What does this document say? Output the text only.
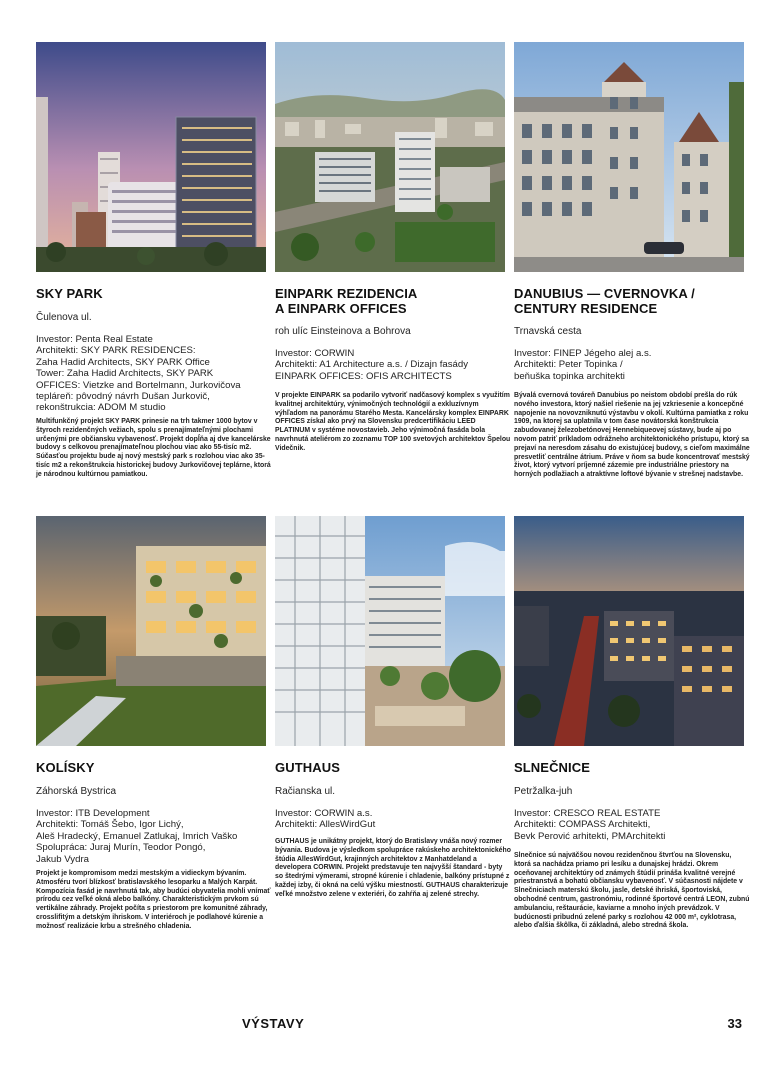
SKY PARK
Čulenova ul.
Investor: Penta Real Estate
Architekti: SKY PARK RESIDENCES:
Zaha Hadid Architects, SKY PARK Office
Tower: Zaha Hadid Architects, SKY PARK
OFFICES: Vietzke and Bortelmann, Jurkovičova
tepláreň: pôvodný návrh Dušan Jurkovič,
rekonštrukcia: ADOM M studio
Multifunkčný projekt SKY PARK prinesie na trh takmer 1000 bytov v štyroch rezidenčných vežiach, spolu s prenajímateľnými plochami určenými pre občiansku vybavenosť. Projekt dopĺňa aj dve kancelárske budovy s celkovou prenajímateľnou plochou viac ako 55-tisíc m2. Súčasťou projektu bude aj nový mestský park s rozlohou viac ako 35-tisíc m2 a rekonštrukcia historickej budovy Jurkovičovej teplárne, ktorá je národnou kultúrnou pamiatkou.
EINPARK REZIDENCIA
A EINPARK OFFICES
roh ulíc Einsteinova a Bohrova
Investor: CORWIN
Architekti: A1 Architecture a.s. / Dizajn fasády
EINPARK OFFICES: OFIS ARCHITECTS
V projekte EINPARK sa podarilo vytvoriť nadčasový komplex s využitím kvalitnej architektúry, výnimočných technológií a exkluzívnym výhľadom na panorámu Starého Mesta. Kancelársky komplex EINPARK OFFICES získal ako prvý na Slovensku predcertifikáciu LEED PLATINUM v systéme novostavieb. Jeho výnimočná fasáda bola navrhnutá ateliérom zo zoznamu TOP 100 svetových architektov Špelou Videčnik.
DANUBIUS — CVERNOVKA /
CENTURY RESIDENCE
Trnavská cesta
Investor: FINEP Jégeho alej a.s.
Architekti: Peter Topinka /
beňuška topinka architekti
Bývalá cvernová továreň Danubius po neistom období prešla do rúk nového investora, ktorý našiel riešenie na jej vzkriesenie a koncepčné napojenie na novovzniknutú výstavbu v okolí. Kultúrna pamiatka z roku 1909, na ktorej sa uplatnila v tom čase novátorská konštrukcia zabudovanej železobetónovej Hennebiqueovej sústavy, bude aj po novom patriť príkladom odrážneho architektonického prístupu, ktorý sa prejaví na neresdom zásahu do existujúcej budovy, s cieľom maximálne presvetliť centrálne átrium. Práve v ňom sa bude koncentrovať mestský život, ktorý vytvorí príjemné zázemie pre industriálne priestory na horných podlažiach a atraktívne loftové bývanie v strešnej nadstavbe.
KOLÍSKY
Záhorská Bystrica
Investor: ITB Development
Architekti: Tomáš Šebo, Igor Lichý,
Aleš Hradecký, Emanuel Zatlukaj, Imrich Vaško
Spolupráca: Juraj Murín, Teodor Pongó,
Jakub Vydra
Projekt je kompromisom medzi mestským a vidieckym bývaním. Atmosféru tvorí blízkosť bratislavského lesoparku a Malých Karpát. Kompozícia fasád je navrhnutá tak, aby budúci obyvatelia mohli vnímať prírodu cez veľké okná alebo balkóny. Charakteristickým prvkom sú vertikálne záhrady. Projekt počíta s priestorom pre komunitné záhrady, crosslifitým a detským ihriskom. V interiéroch je podlahové kúrenie a možnosť realizácie krbu a strešného chladenia.
GUTHAUS
Račianska ul.
Investor: CORWIN a.s.
Architekti: AllesWirdGut
GUTHAUS je unikátny projekt, ktorý do Bratislavy vnáša nový rozmer bývania. Budova je výsledkom spolupráce rakúskeho architektonického štúdia AllesWirdGut, krajinných architektov z Manhatdeland a developera CORWIN. Projekt predstavuje ten najvyšší štandard - byty so štedrými výmerami, stropné kúrenie i chladenie, balkóny prístupné z každej izby, či okná na celú výšku miestností. GUTHAUS charakterizuje veľké množstvo zelene v exteriéri, čo zahŕňa aj zelené strechy.
SLNEČNICE
Petržalka-juh
Investor: CRESCO REAL ESTATE
Architekti: COMPASS Architekti,
Bevk Perović arhitekti, PMArchitekti
Slnečnice sú najväčšou novou rezidenčnou štvrťou na Slovensku, ktorá sa nachádza priamo pri lesíku a dunajskej hrádzi. Okrem oceňovanej architektúry od známych štúdií prináša kvalitné verejné priestranstvá a bohatú občiansku vybavenosť. V súčasnosti nájdete v Slnečniciach materskú školu, jasle, detské ihriská, športoviská, obchodné centrum, gastronómiu, rodinné športové centrá LEON, zubnú ambulanciu, reštaurácie, kaviarne a mnoho iných prevádzok. V budúcnosti pribudnú zelené parky s rozlohou 42 000 m², cyklotrasa, alebo ďalšia škôlka, či základná, alebo stredná škola.
VÝSTAVY	33
